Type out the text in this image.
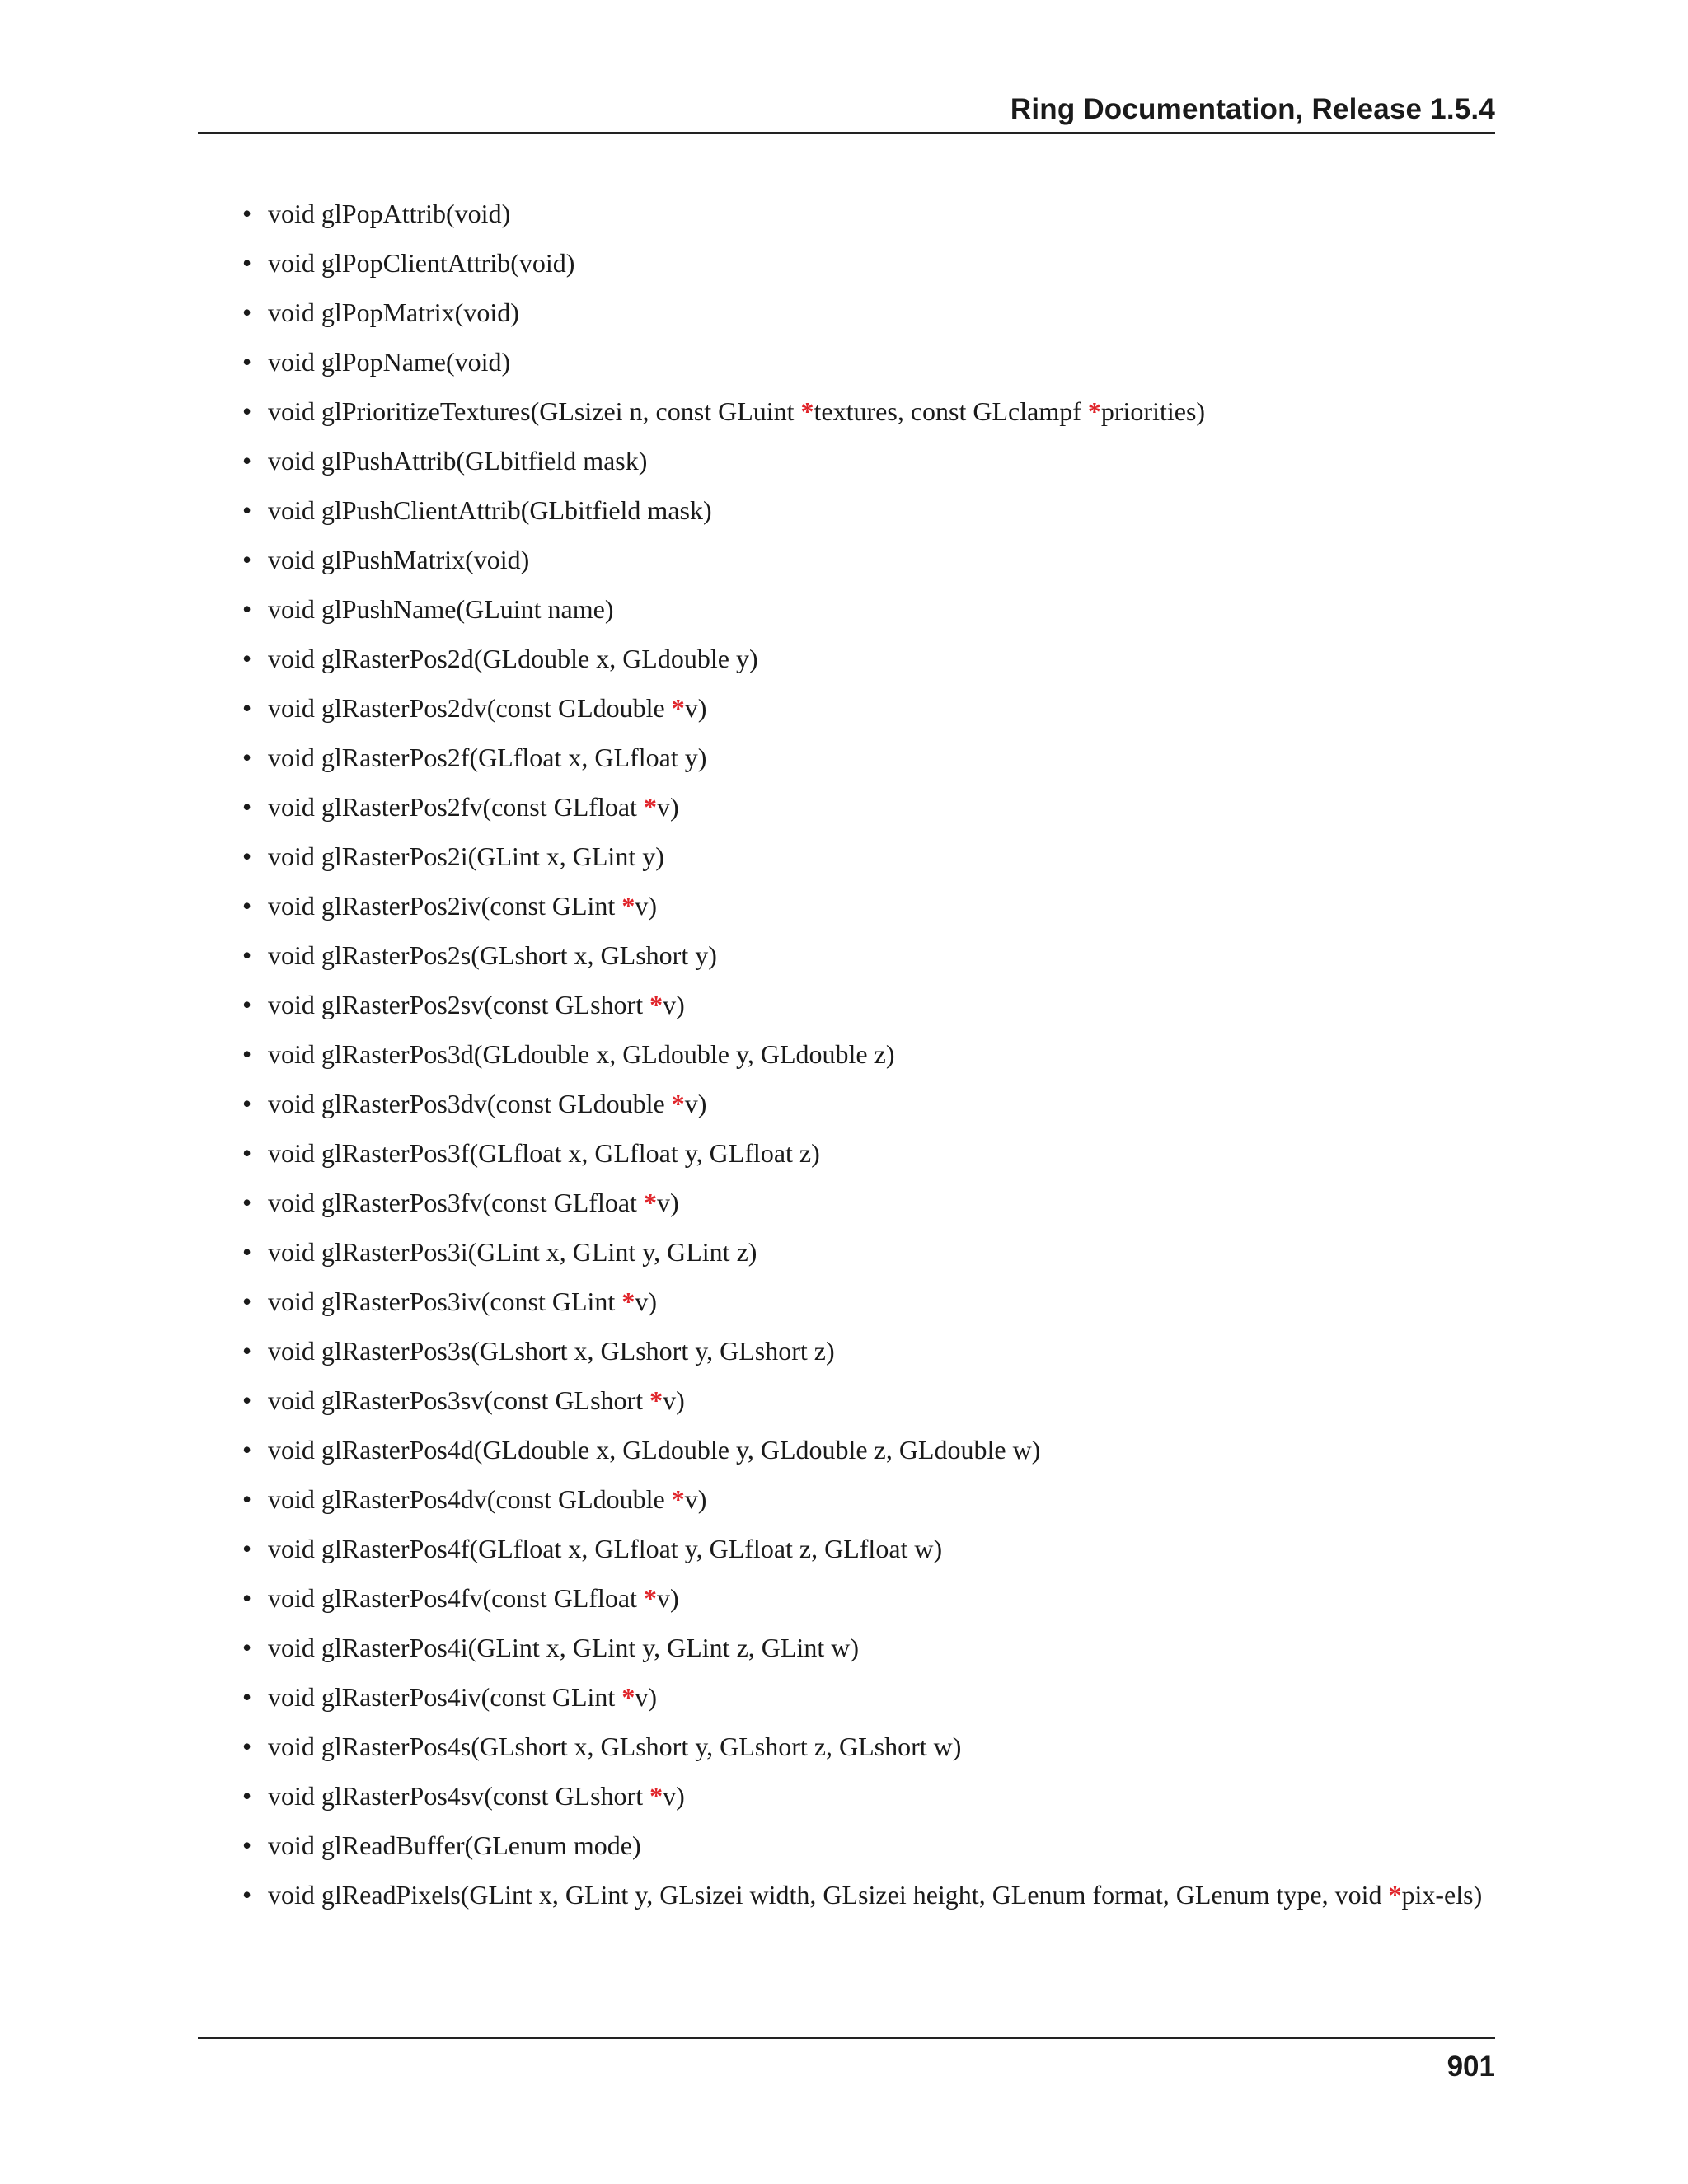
Ring Documentation, Release 1.5.4
• void glPopAttrib(void)
• void glPopClientAttrib(void)
• void glPopMatrix(void)
• void glPopName(void)
• void glPrioritizeTextures(GLsizei n, const GLuint *textures, const GLclampf *priorities)
• void glPushAttrib(GLbitfield mask)
• void glPushClientAttrib(GLbitfield mask)
• void glPushMatrix(void)
• void glPushName(GLuint name)
• void glRasterPos2d(GLdouble x, GLdouble y)
• void glRasterPos2dv(const GLdouble *v)
• void glRasterPos2f(GLfloat x, GLfloat y)
• void glRasterPos2fv(const GLfloat *v)
• void glRasterPos2i(GLint x, GLint y)
• void glRasterPos2iv(const GLint *v)
• void glRasterPos2s(GLshort x, GLshort y)
• void glRasterPos2sv(const GLshort *v)
• void glRasterPos3d(GLdouble x, GLdouble y, GLdouble z)
• void glRasterPos3dv(const GLdouble *v)
• void glRasterPos3f(GLfloat x, GLfloat y, GLfloat z)
• void glRasterPos3fv(const GLfloat *v)
• void glRasterPos3i(GLint x, GLint y, GLint z)
• void glRasterPos3iv(const GLint *v)
• void glRasterPos3s(GLshort x, GLshort y, GLshort z)
• void glRasterPos3sv(const GLshort *v)
• void glRasterPos4d(GLdouble x, GLdouble y, GLdouble z, GLdouble w)
• void glRasterPos4dv(const GLdouble *v)
• void glRasterPos4f(GLfloat x, GLfloat y, GLfloat z, GLfloat w)
• void glRasterPos4fv(const GLfloat *v)
• void glRasterPos4i(GLint x, GLint y, GLint z, GLint w)
• void glRasterPos4iv(const GLint *v)
• void glRasterPos4s(GLshort x, GLshort y, GLshort z, GLshort w)
• void glRasterPos4sv(const GLshort *v)
• void glReadBuffer(GLenum mode)
• void glReadPixels(GLint x, GLint y, GLsizei width, GLsizei height, GLenum format, GLenum type, void *pix-els)
901
